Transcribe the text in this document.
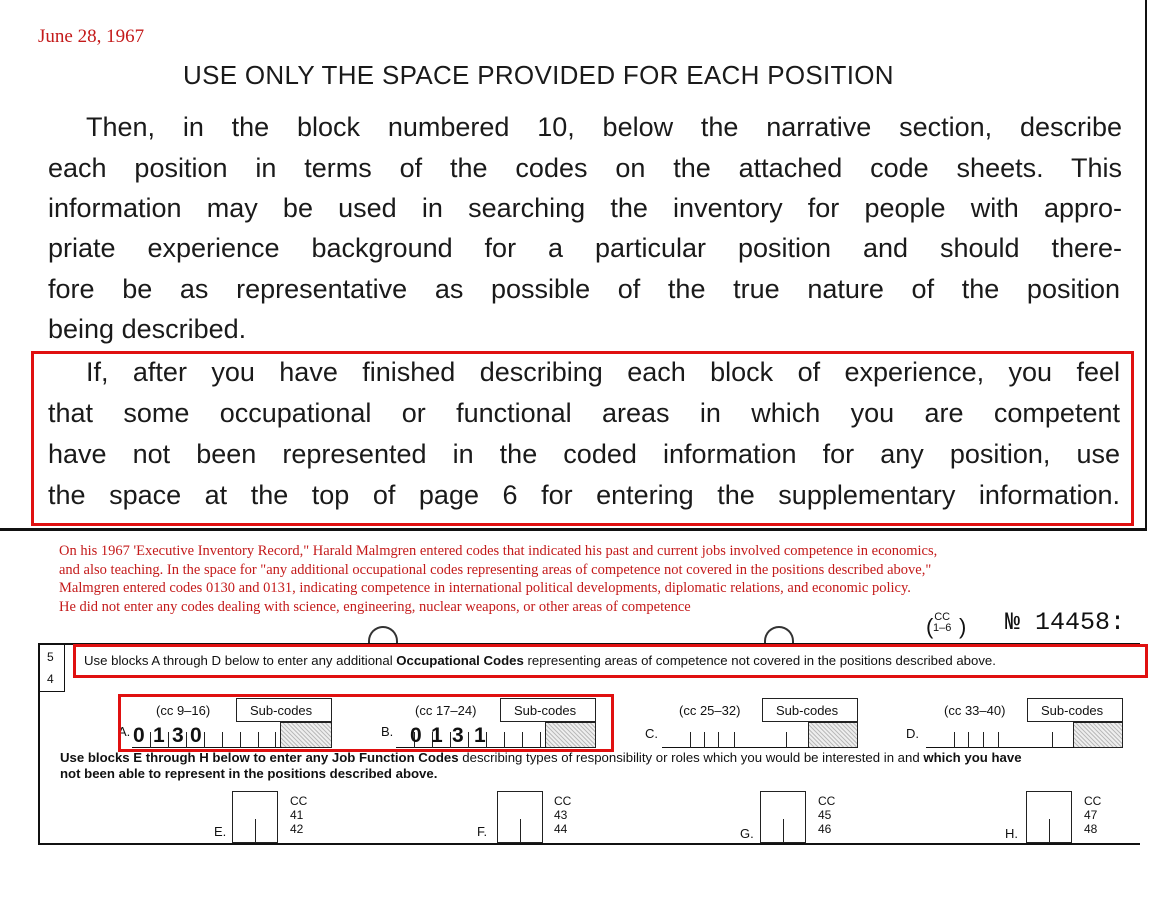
June 28, 1967
USE ONLY THE SPACE PROVIDED FOR EACH POSITION
Then, in the block numbered 10, below the narrative section, describe
each position in terms of the codes on the attached code sheets. This
information may be used in searching the inventory for people with appro-
priate experience background for a particular position and should there-
fore be as representative as possible of the true nature of the position
being described.
If, after you have finished describing each block of experience, you feel
that some occupational or functional areas in which you are competent
have not been represented in the coded information for any position, use
the space at the top of page 6 for entering the supplementary information.
On his 1967 'Executive Inventory Record," Harald Malmgren entered codes that indicated his past and current jobs involved competence in economics,
and also teaching. In the space for "any additional occupational codes representing areas of competence not covered in the positions described above,"
Malmgren entered codes 0130 and 0131, indicating competence in international political developments, diplomatic relations, and economic policy.
He did not enter any codes dealing with science, engineering, nuclear weapons, or other areas of competence
CC
1–6
( ) № 14458:
5
4
Use blocks A through D below to enter any additional Occupational Codes representing areas of competence not covered in the positions described above.
(cc 9–16)	Sub-codes
A. 0 1 3 0
(cc 17–24)	Sub-codes
B. 0 1 3 1
(cc 25–32)	Sub-codes
C.
(cc 33–40)	Sub-codes
D.
Use blocks E through H below to enter any Job Function Codes describing types of responsibility or roles which you would be interested in and which you have
not been able to represent in the positions described above.
E.
CC
41
42	F.
CC
43
44	G.
CC
45
46	H.
CC
47
48
